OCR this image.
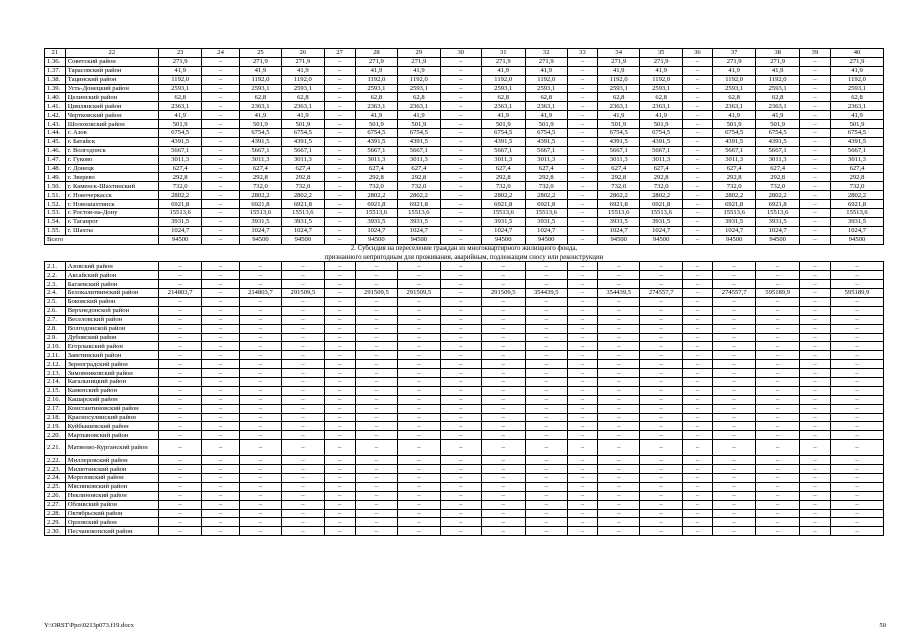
21	22	23	24	25	26	27	28	29	30	31	32	33	34	35	36	37	38	39	40
1.36.	Советский район	271,9	–	271,9	271,9	–	271,9	271,9	–	271,9	271,9	–	271,9	271,9	–	271,9	271,9	–	271,9
1.37.	Тарасовский район	41,9	–	41,9	41,9	–	41,9	41,9	–	41,9	41,9	–	41,9	41,9	–	41,9	41,9	–	41,9
1.38.	Тацинский район	1192,0	–	1192,0	1192,0	–	1192,0	1192,0	–	1192,0	1192,0	–	1192,0	1192,0	–	1192,0	1192,0	–	1192,0
1.39.	Усть-Донецкий район	2593,1	–	2593,1	2593,1	–	2593,1	2593,1	–	2593,1	2593,1	–	2593,1	2593,1	–	2593,1	2593,1	–	2593,1
1.40.	Целинский район	62,8	–	62,8	62,8	–	62,8	62,8	–	62,8	62,8	–	62,8	62,8	–	62,8	62,8	–	62,8
1.41.	Цимлянский район	2363,1	–	2363,1	2363,1	–	2363,1	2363,1	–	2363,1	2363,1	–	2363,1	2363,1	–	2363,1	2363,1	–	2363,1
1.42.	Чертковский район	41,9	–	41,9	41,9	–	41,9	41,9	–	41,9	41,9	–	41,9	41,9	–	41,9	41,9	–	41,9
1.43.	Шолоховский район	501,9	–	501,9	501,9	–	501,9	501,9	–	501,9	501,9	–	501,9	501,9	–	501,9	501,9	–	501,9
1.44.	г. Азов	6754,5	–	6754,5	6754,5	–	6754,5	6754,5	–	6754,5	6754,5	–	6754,5	6754,5	–	6754,5	6754,5	–	6754,5
1.45.	г. Батайск	4391,5	–	4391,5	4391,5	–	4391,5	4391,5	–	4391,5	4391,5	–	4391,5	4391,5	–	4391,5	4391,5	–	4391,5
1.46.	г. Волгодонск	5667,1	–	5667,1	5667,1	–	5667,1	5667,1	–	5667,1	5667,1	–	5667,1	5667,1	–	5667,1	5667,1	–	5667,1
1.47.	г. Гуково	3011,3	–	3011,3	3011,3	–	3011,3	3011,3	–	3011,3	3011,3	–	3011,3	3011,3	–	3011,3	3011,3	–	3011,3
1.48.	г. Донецк	627,4	–	627,4	627,4	–	627,4	627,4	–	627,4	627,4	–	627,4	627,4	–	627,4	627,4	–	627,4
1.49.	г. Зверево	292,8	–	292,8	292,8	–	292,8	292,8	–	292,8	292,8	–	292,8	292,8	–	292,8	292,8	–	292,8
1.50.	г. Каменск-Шахтинский	732,0	–	732,0	732,0	–	732,0	732,0	–	732,0	732,0	–	732,0	732,0	–	732,0	732,0	–	732,0
1.51.	г. Новочеркасск	2802,2	–	2802,2	2802,2	–	2802,2	2802,2	–	2802,2	2802,2	–	2802,2	2802,2	–	2802,2	2802,2	–	2802,2
1.52.	г. Новошахтинск	6921,8	–	6921,8	6921,8	–	6921,8	6921,8	–	6921,8	6921,8	–	6921,8	6921,8	–	6921,8	6921,8	–	6921,8
1.53.	г. Ростов-на-Дону	15513,6	–	15513,6	15513,6	–	15513,6	15513,6	–	15513,6	15513,6	–	15513,6	15513,6	–	15513,6	15513,6	–	15513,6
1.54.	г. Таганрог	3931,5	–	3931,5	3931,5	–	3931,5	3931,5	–	3931,5	3931,5	–	3931,5	3931,5	–	3931,5	3931,5	–	3931,5
1.55.	г. Шахты	1024,7	–	1024,7	1024,7	–	1024,7	1024,7	–	1024,7	1024,7	–	1024,7	1024,7	–	1024,7	1024,7	–	1024,7
Всего		94500	–	94500	94500	–	94500	94500	–	94500	94500	–	94500	94500	–	94500	94500	–	94500
2. Субсидия на переселение граждан из многоквартирного жилищного фонда,																			
признанного непригодным для проживания, аварийным, подлежащим сносу или реконструкции																			
2.1.	Азовский район	–	–	–	–	–	–	–	–	–	–	–	–	–	–	–	–	–	–
2.2.	Аксайский район	–	–	–	–	–	–	–	–	–	–	–	–	–	–	–	–	–	–
2.3.	Багаевский район	–	–	–	–	–	–	–	–	–	–	–	–	–	–	–	–	–	–
2.4.	Белокалитвинский район	214803,7	–	214803,7	291509,5	–	291509,5	291509,5	–	291509,5	354439,5	–	354439,5	274557,7	–	274557,7	595189,9	–	595189,9
2.5.	Боковский район	–	–	–	–	–	–	–	–	–	–	–	–	–	–	–	–	–	–
2.6.	Верхнедонской район	–	–	–	–	–	–	–	–	–	–	–	–	–	–	–	–	–	–
2.7.	Веселовский район	–	–	–	–	–	–	–	–	–	–	–	–	–	–	–	–	–	–
2.8.	Волгодонской район	–	–	–	–	–	–	–	–	–	–	–	–	–	–	–	–	–	–
2.9.	Дубовский район	–	–	–	–	–	–	–	–	–	–	–	–	–	–	–	–	–	–
2.10.	Егорлыкский район	–	–	–	–	–	–	–	–	–	–	–	–	–	–	–	–	–	–
2.11.	Заветинский район	–	–	–	–	–	–	–	–	–	–	–	–	–	–	–	–	–	–
2.12.	Зерноградский район	–	–	–	–	–	–	–	–	–	–	–	–	–	–	–	–	–	–
2.13.	Зимовниковский район	–	–	–	–	–	–	–	–	–	–	–	–	–	–	–	–	–	–
2.14.	Кагальницкий район	–	–	–	–	–	–	–	–	–	–	–	–	–	–	–	–	–	–
2.15.	Каменский район	–	–	–	–	–	–	–	–	–	–	–	–	–	–	–	–	–	–
2.16.	Кашарский район	–	–	–	–	–	–	–	–	–	–	–	–	–	–	–	–	–	–
2.17.	Константиновский район	–	–	–	–	–	–	–	–	–	–	–	–	–	–	–	–	–	–
2.18.	Красносулинский район	–	–	–	–	–	–	–	–	–	–	–	–	–	–	–	–	–	–
2.19.	Куйбышевский район	–	–	–	–	–	–	–	–	–	–	–	–	–	–	–	–	–	–
2.20.	Мартыновский район	–	–	–	–	–	–	–	–	–	–	–	–	–	–	–	–	–	–
2.21.	Матвеево-Курганский район	–	–	–	–	–	–	–	–	–	–	–	–	–	–	–	–	–	–
2.22.	Миллеровский район	–	–	–	–	–	–	–	–	–	–	–	–	–	–	–	–	–	–
2.23.	Милютинский район	–	–	–	–	–	–	–	–	–	–	–	–	–	–	–	–	–	–
2.24.	Морозовский район	–	–	–	–	–	–	–	–	–	–	–	–	–	–	–	–	–	–
2.25.	Мясниковский район	–	–	–	–	–	–	–	–	–	–	–	–	–	–	–	–	–	–
2.26.	Неклиновский район	–	–	–	–	–	–	–	–	–	–	–	–	–	–	–	–	–	–
2.27.	Обливский район	–	–	–	–	–	–	–	–	–	–	–	–	–	–	–	–	–	–
2.28.	Октябрьский район	–	–	–	–	–	–	–	–	–	–	–	–	–	–	–	–	–	–
2.29.	Орловский район	–	–	–	–	–	–	–	–	–	–	–	–	–	–	–	–	–	–
2.30.	Песчанокопский район	–	–	–	–	–	–	–	–	–	–	–	–	–	–	–	–	–	–
Y:\ORST\Ppo\0213p073.f19.docx	50
